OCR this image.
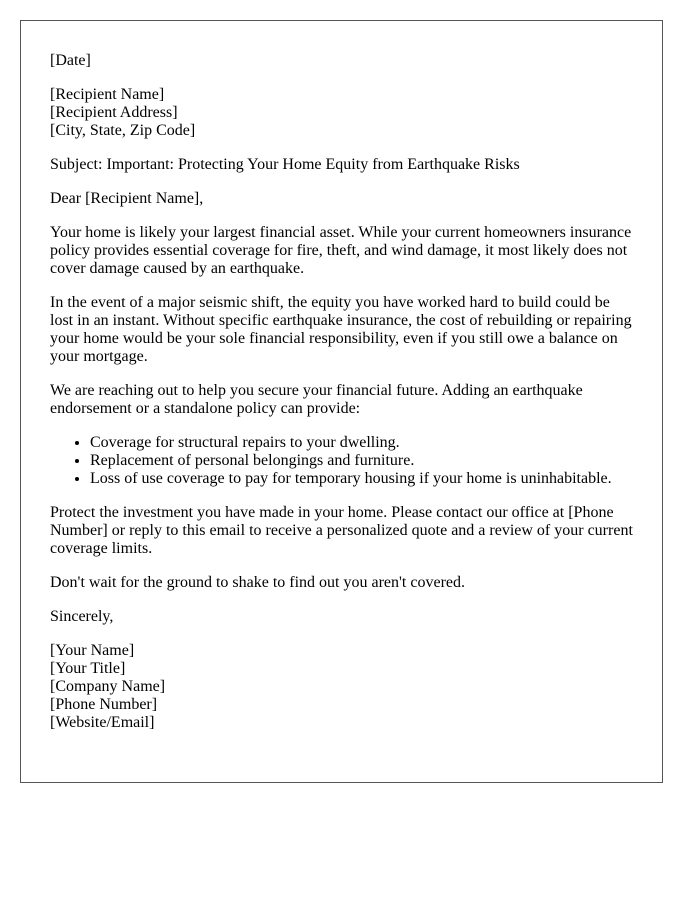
[Date]

[Recipient Name]
[Recipient Address]
[City, State, Zip Code]

Subject: Important: Protecting Your Home Equity from Earthquake Risks

Dear [Recipient Name],

Your home is likely your largest financial asset. While your current homeowners insurance policy provides essential coverage for fire, theft, and wind damage, it most likely does not cover damage caused by an earthquake.

In the event of a major seismic shift, the equity you have worked hard to build could be lost in an instant. Without specific earthquake insurance, the cost of rebuilding or repairing your home would be your sole financial responsibility, even if you still owe a balance on your mortgage.

We are reaching out to help you secure your financial future. Adding an earthquake endorsement or a standalone policy can provide:

• Coverage for structural repairs to your dwelling.
• Replacement of personal belongings and furniture.
• Loss of use coverage to pay for temporary housing if your home is uninhabitable.

Protect the investment you have made in your home. Please contact our office at [Phone Number] or reply to this email to receive a personalized quote and a review of your current coverage limits.

Don't wait for the ground to shake to find out you aren't covered.

Sincerely,

[Your Name]
[Your Title]
[Company Name]
[Phone Number]
[Website/Email]
